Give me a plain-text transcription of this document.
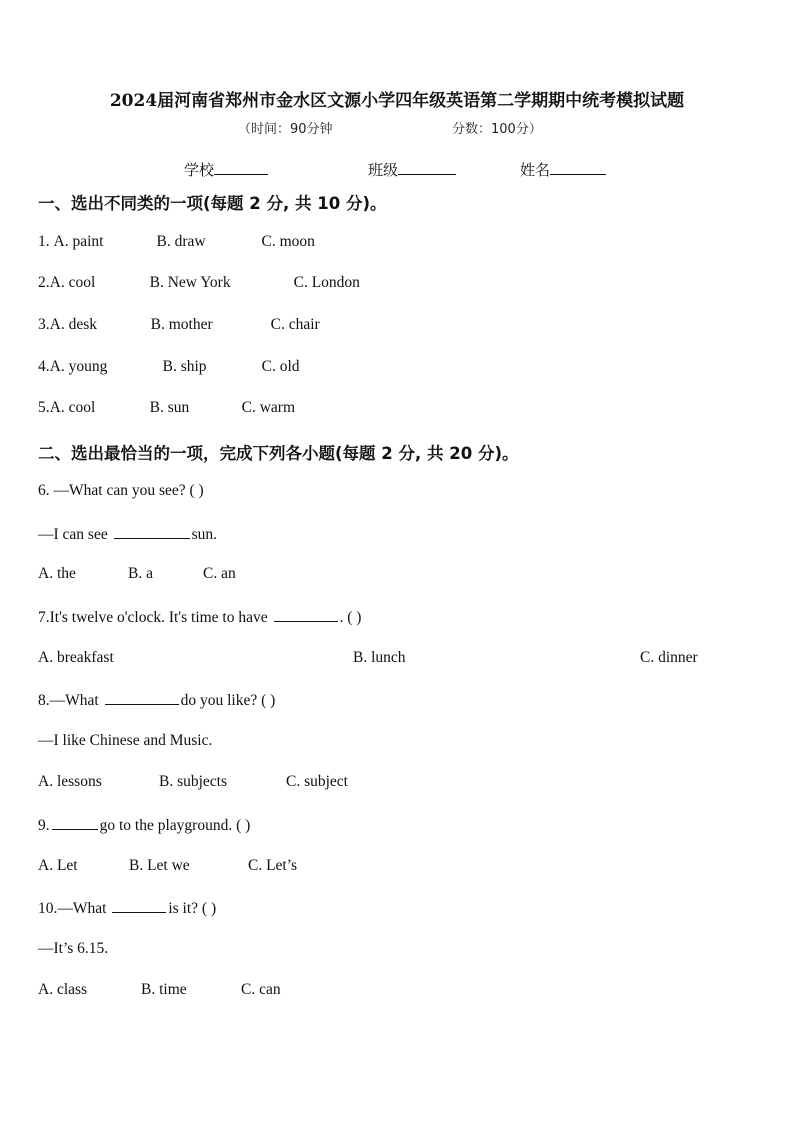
2024届河南省郑州市金水区文源小学四年级英语第二学期期中统考模拟试题
（时间：90分钟	分数：100分）
学校	班级	姓名
一、选出不同类的一项(每题 2 分, 共 10 分)。
1. A. paint	B. draw	C. moon
2.A. cool	B. New York	C. London
3.A. desk	B. mother	C. chair
4.A. young	B. ship	C. old
5.A. cool	B. sun	C. warm
二、选出最恰当的一项，完成下列各小题(每题 2 分, 共 20 分)。
6. —What can you see? ( )
—I can see	sun.
A. the	B. a	C. an
7.It's twelve o'clock. It's time to have	. ( )
A. breakfast	B. lunch	C. dinner
8.—What	do you like? ( )
—I like Chinese and Music.
A. lessons	B. subjects	C. subject
9.	go to the playground. ( )
A. Let	B. Let we	C. Let’s
10.—What	is it? ( )
—It’s 6.15.
A. class	B. time	C. can
